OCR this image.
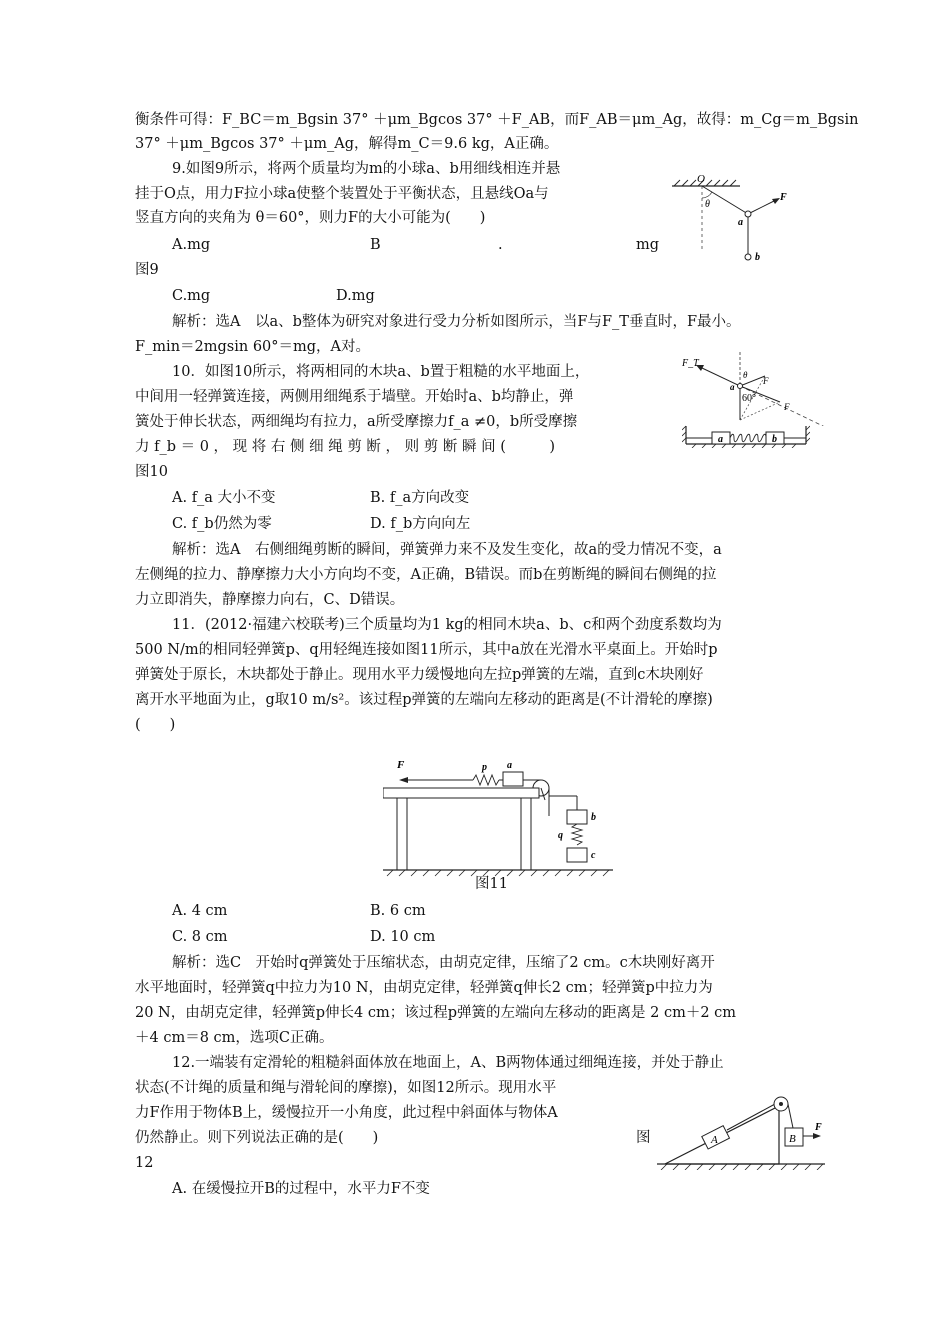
衡条件可得：F_BC＝m_Bgsin 37° ＋μm_Bgcos 37° ＋F_AB，而F_AB＝μm_Ag，故得：m_Cg＝m_Bgsin
37° ＋μm_Bgcos 37° ＋μm_Ag，解得m_C＝9.6 kg，A正确。
9.如图9所示，将两个质量均为m的小球a、b用细线相连并悬
挂于O点，用力F拉小球a使整个装置处于平衡状态，且悬线Oa与
竖直方向的夹角为 θ＝60°，则力F的大小可能为(　　)
A.mg	B	.	mg
图9
C.mg	D.mg
解析：选A　以a、b整体为研究对象进行受力分析如图所示，当F与F_T垂直时，F最小。
F_min＝2mgsin 60°＝mg，A对。
10．如图10所示，将两相同的木块a、b置于粗糙的水平地面上，
中间用一轻弹簧连接，两侧用细绳系于墙壁。开始时a、b均静止，弹
簧处于伸长状态，两细绳均有拉力，a所受摩擦力f_a ≠0，b所受摩擦
力 f_b ＝ 0 ， 现 将 右 侧 细 绳 剪 断 ， 则 剪 断 瞬 间 (　　　)
图10
A. f_a 大小不变	B. f_a方向改变
C. f_b仍然为零	D. f_b方向向左
解析：选A　右侧细绳剪断的瞬间，弹簧弹力来不及发生变化，故a的受力情况不变，a
左侧绳的拉力、静摩擦力大小方向均不变，A正确，B错误。而b在剪断绳的瞬间右侧绳的拉
力立即消失，静摩擦力向右，C、D错误。
11．(2012·福建六校联考)三个质量均为1 kg的相同木块a、b、c和两个劲度系数均为
500 N/m的相同轻弹簧p、q用轻绳连接如图11所示，其中a放在光滑水平桌面上。开始时p
弹簧处于原长，木块都处于静止。现用水平力缓慢地向左拉p弹簧的左端，直到c木块刚好
离开水平地面为止，g取10 m/s²。该过程p弹簧的左端向左移动的距离是(不计滑轮的摩擦)
(　　)
图11
A. 4 cm	B. 6 cm
C. 8 cm	D. 10 cm
解析：选C　开始时q弹簧处于压缩状态，由胡克定律，压缩了2 cm。c木块刚好离开
水平地面时，轻弹簧q中拉力为10 N，由胡克定律，轻弹簧q伸长2 cm；轻弹簧p中拉力为
20 N，由胡克定律，轻弹簧p伸长4 cm；该过程p弹簧的左端向左移动的距离是 2 cm＋2 cm
＋4 cm＝8 cm，选项C正确。
12.一端装有定滑轮的粗糙斜面体放在地面上，A、B两物体通过细绳连接，并处于静止
状态(不计绳的质量和绳与滑轮间的摩擦)，如图12所示。现用水平
力F作用于物体B上，缓慢拉开一小角度，此过程中斜面体与物体A
仍然静止。则下列说法正确的是(　　)	图
12
A. 在缓慢拉开B的过程中，水平力F不变
O
θ
a
b
F
F_T
θ
a
F
60°
F
a	b
F	p a
b
q
c
A	B
F
